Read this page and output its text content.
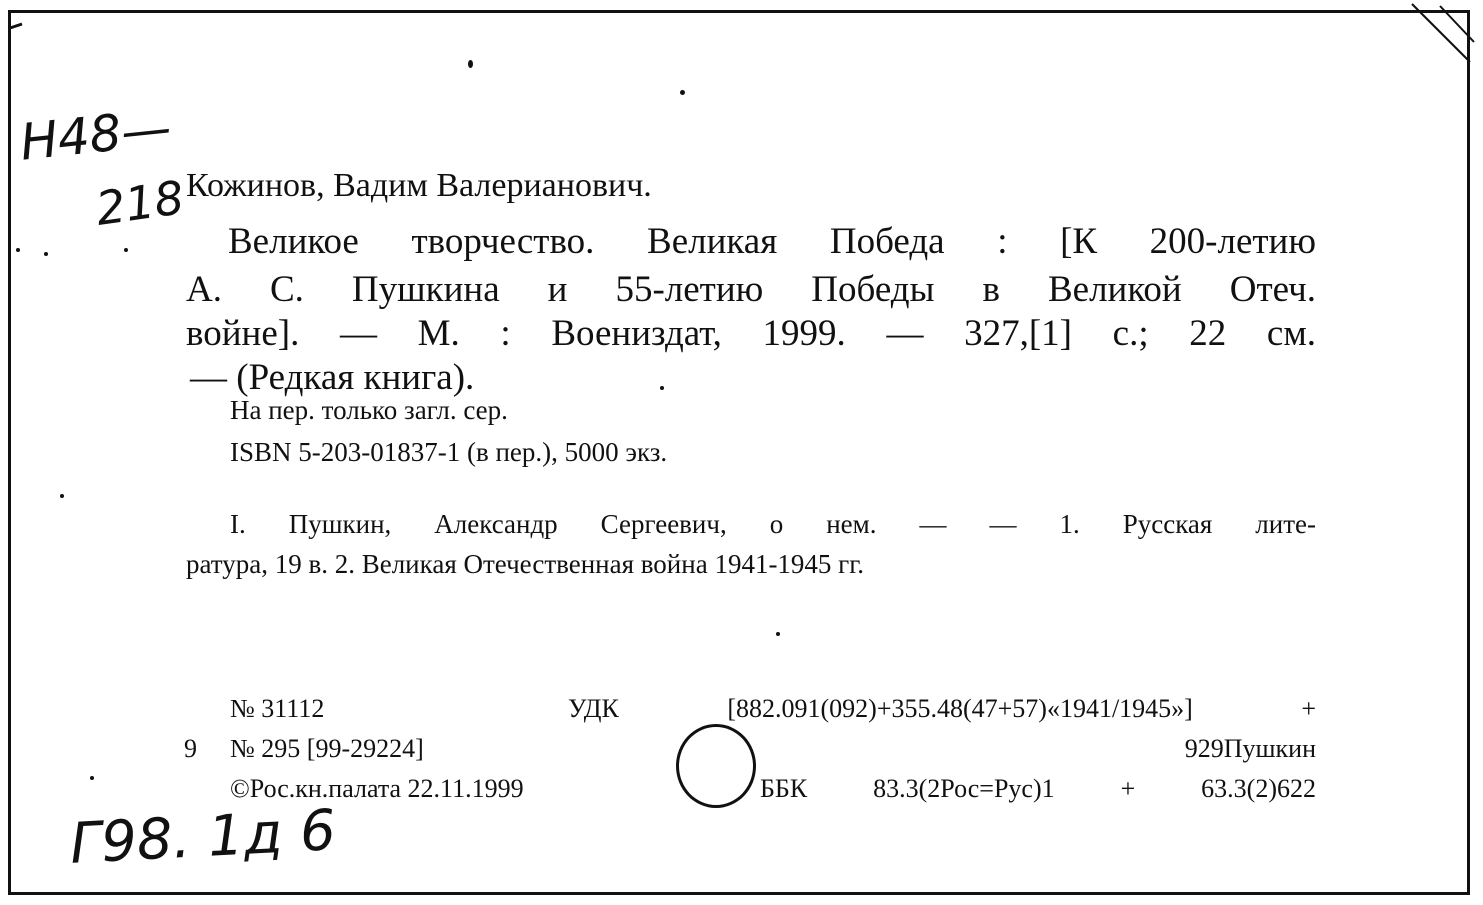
Н48—
218
Г98. 1д 6
Кожинов, Вадим Валерианович.
Великое творчество. Великая Победа : [К 200-летию
А. С. Пушкина и 55-летию Победы в Великой Отеч.
войне]. — М. : Воениздат, 1999. — 327,[1] с.; 22 см.
— (Редкая книга).
На пер. только загл. сер.
ISBN 5-203-01837-1 (в пер.), 5000 экз.
I. Пушкин, Александр Сергеевич, о нем. — — 1. Русская лите-
ратура, 19 в. 2. Великая Отечественная война 1941-1945 гг.
№ 31112
9 № 295 [99-29224]
©Рос.кн.палата 22.11.1999
УДК [882.091(092)+355.48(47+57)«1941/1945»] +
929Пушкин
ББК 83.3(2Рос=Рус)1 + 63.3(2)622
